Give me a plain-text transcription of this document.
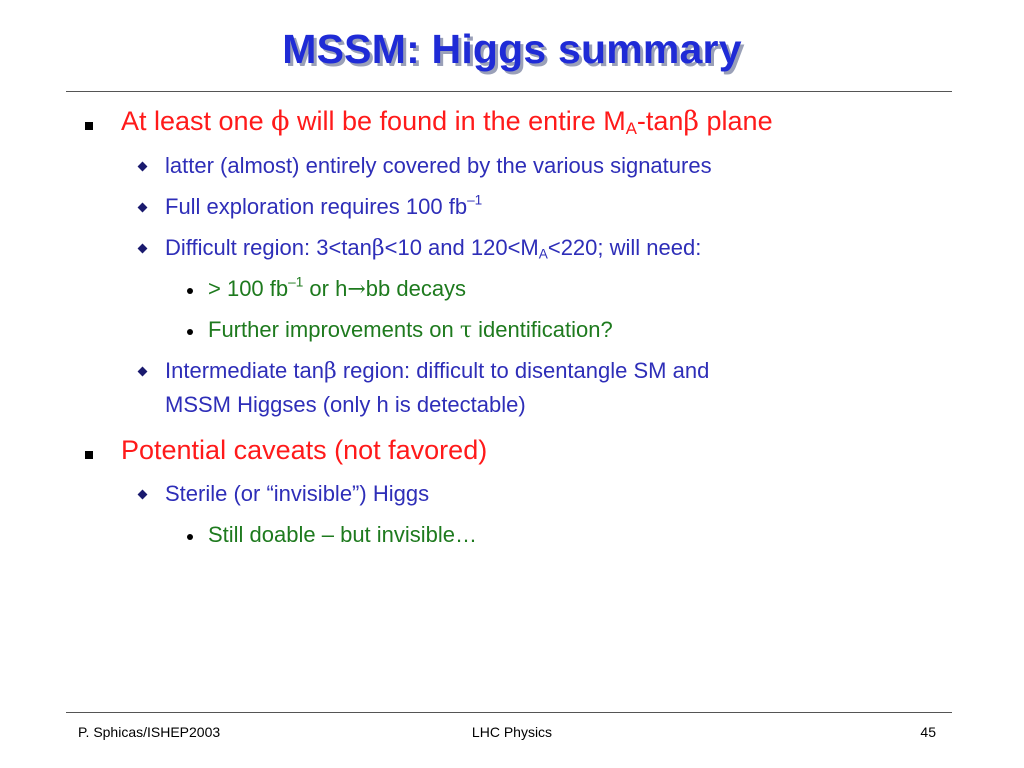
MSSM: Higgs summary
At least one ϕ will be found in the entire $M_A$-tanβ plane
latter (almost) entirely covered by the various signatures
Full exploration requires 100 $fb^{-1}$
Difficult region: 3<tanβ<10 and $120<M_A<220$; will need:
> 100 $fb^{-1}$ or h→bb decays
Further improvements on τ identification?
Intermediate tanβ region: difficult to disentangle SM and
MSSM Higgses (only h is detectable)
Potential caveats (not favored)
Sterile (or “invisible”) Higgs
Still doable – but invisible…
P. Sphicas/ISHEP2003	LHC Physics	45
